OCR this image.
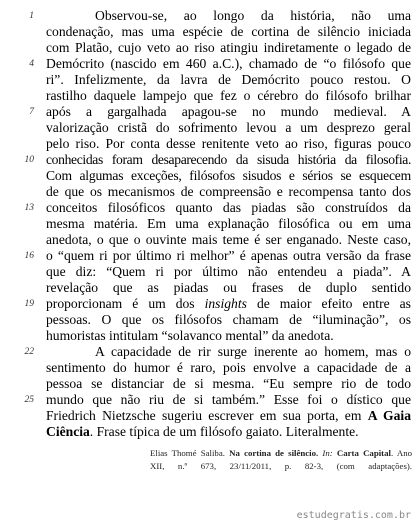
1
4
7
10
13
16
19
22
25
Observou-se, ao longo da história, não uma
condenação, mas uma espécie de cortina de silêncio iniciada
com Platão, cujo veto ao riso atingiu indiretamente o legado de
Demócrito (nascido em 460 a.C.), chamado de “o filósofo que
ri”. Infelizmente, da lavra de Demócrito pouco restou. O
rastilho daquele lampejo que fez o cérebro do filósofo brilhar
após a gargalhada apagou-se no mundo medieval. A
valorização cristã do sofrimento levou a um desprezo geral
pelo riso. Por conta desse renitente veto ao riso, figuras pouco
conhecidas foram desaparecendo da sisuda história da filosofia.
Com algumas exceções, filósofos sisudos e sérios se esquecem
de que os mecanismos de compreensão e recompensa tanto dos
conceitos filosóficos quanto das piadas são construídos da
mesma matéria. Em uma explanação filosófica ou em uma
anedota, o que o ouvinte mais teme é ser enganado. Neste caso,
o “quem ri por último ri melhor” é apenas outra versão da frase
que diz: “Quem ri por último não entendeu a piada”. A
revelação que as piadas ou frases de duplo sentido
proporcionam é um dos insights de maior efeito entre as
pessoas. O que os filósofos chamam de “iluminação”, os
humoristas intitulam “solavanco mental” da anedota.
A capacidade de rir surge inerente ao homem, mas o
sentimento do humor é raro, pois envolve a capacidade de a
pessoa se distanciar de si mesma. “Eu sempre rio de todo
mundo que não riu de si também.” Esse foi o dístico que
Friedrich Nietzsche sugeriu escrever em sua porta, em A Gaia
Ciência. Frase típica de um filósofo gaiato. Literalmente.
Elias Thomé Saliba. Na cortina de silêncio. In: Carta Capital. Ano
XII, n.º 673, 23/11/2011, p. 82-3, (com adaptações).
estudegratis.com.br
